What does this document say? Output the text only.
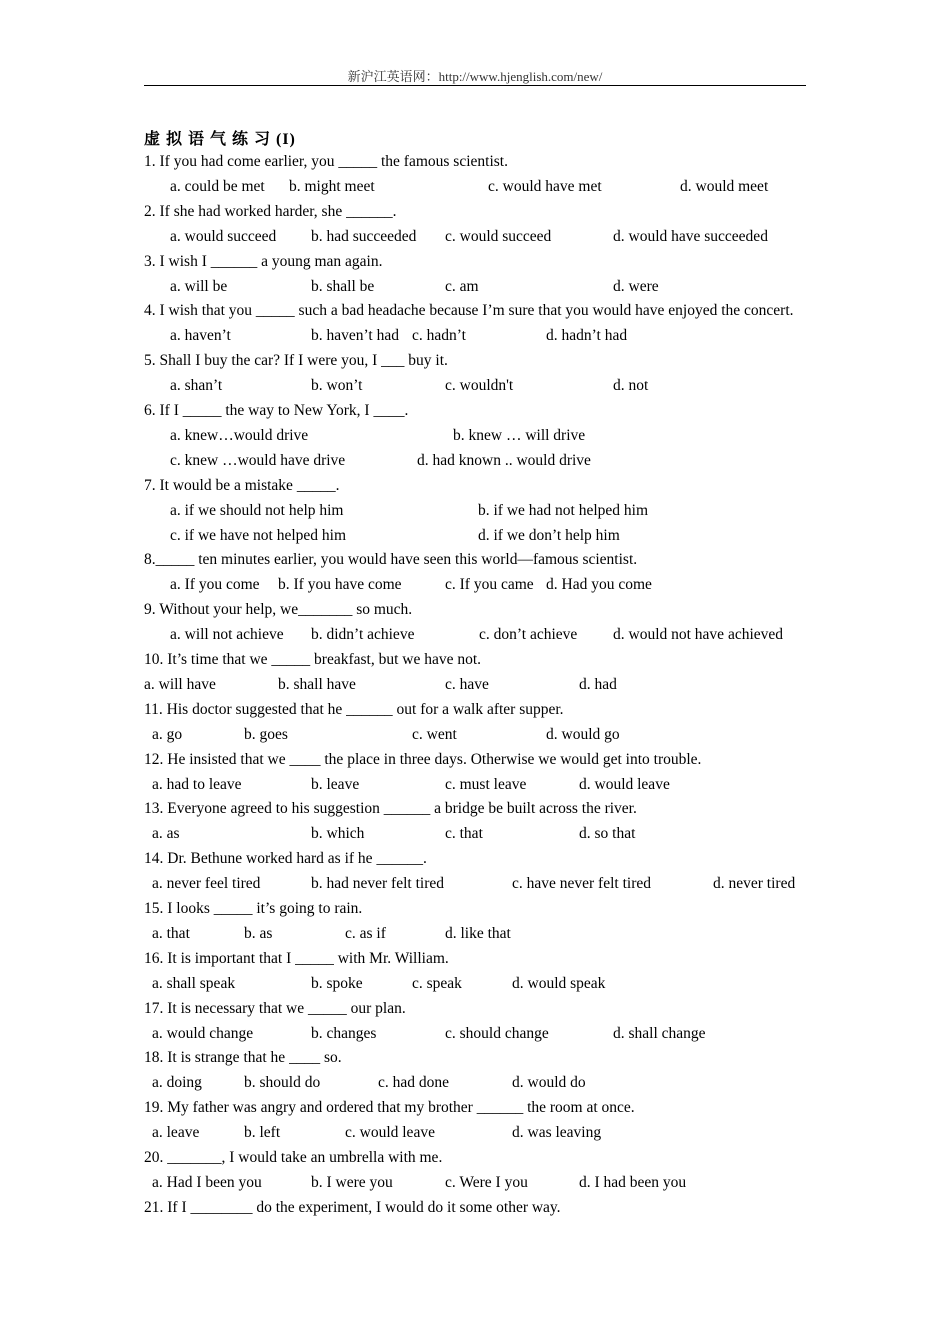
新沪江英语网：http://www.hjenglish.com/new/
虚 拟 语 气 练 习 (I)
1. If you had come earlier, you _____ the famous scientist.
a. could be met b. might meet	c. would have met	d. would meet
2. If she had worked harder, she ______.
a. would succeed b. had succeeded c. would succeed	d. would have succeeded
3. I wish I ______ a young man again.
a. will be	b. shall be	c. am	d. were
4. I wish that you _____ such a bad headache because I’m sure that you would have enjoyed the concert.
a. haven’t	b. haven’t had c. hadn’t	d. hadn’t had
5. Shall I buy the car? If I were you, I ___ buy it.
a. shan’t	b. won’t	c. wouldn't	d. not
6. If I _____ the way to New York, I ____.
a. knew…would drive	b. knew … will drive
c. knew …would have drive	d. had known .. would drive
7. It would be a mistake _____.
a. if we should not help him	b. if we had not helped him
c. if we have not helped him	d. if we don’t help him
8._____ ten minutes earlier, you would have seen this world—famous scientist.
a. If you come b. If you have come	c. If you came d. Had you come
9. Without your help, we_______ so much.
a. will not achieve b. didn’t achieve	c. don’t achieve d. would not have achieved
10. It’s time that we _____ breakfast, but we have not.
a. will have	b. shall have	c. have	d. had
11. His doctor suggested that he ______ out for a walk after supper.
a. go	b. goes	c. went	d. would go
12. He insisted that we ____ the place in three days. Otherwise we would get into trouble.
a. had to leave	b. leave	c. must leave	d. would leave
13. Everyone agreed to his suggestion ______ a bridge be built across the river.
a. as	b. which	c. that	d. so that
14. Dr. Bethune worked hard as if he ______.
a. never feel tired	b. had never felt tired	c. have never felt tired	d. never tired
15. I looks _____ it’s going to rain.
a. that	b. as	c. as if	d. like that
16. It is important that I _____ with Mr. William.
a. shall speak	b. spoke	c. speak	d. would speak
17. It is necessary that we _____ our plan.
a. would change	b. changes	c. should change	d. shall change
18. It is strange that he ____ so.
a. doing	b. should do	c. had done	d. would do
19. My father was angry and ordered that my brother ______ the room at once.
a. leave	b. left	c. would leave	d. was leaving
20. _______, I would take an umbrella with me.
a. Had I been you	b. I were you	c. Were I you	d. I had been you
21. If I ________ do the experiment, I would do it some other way.
